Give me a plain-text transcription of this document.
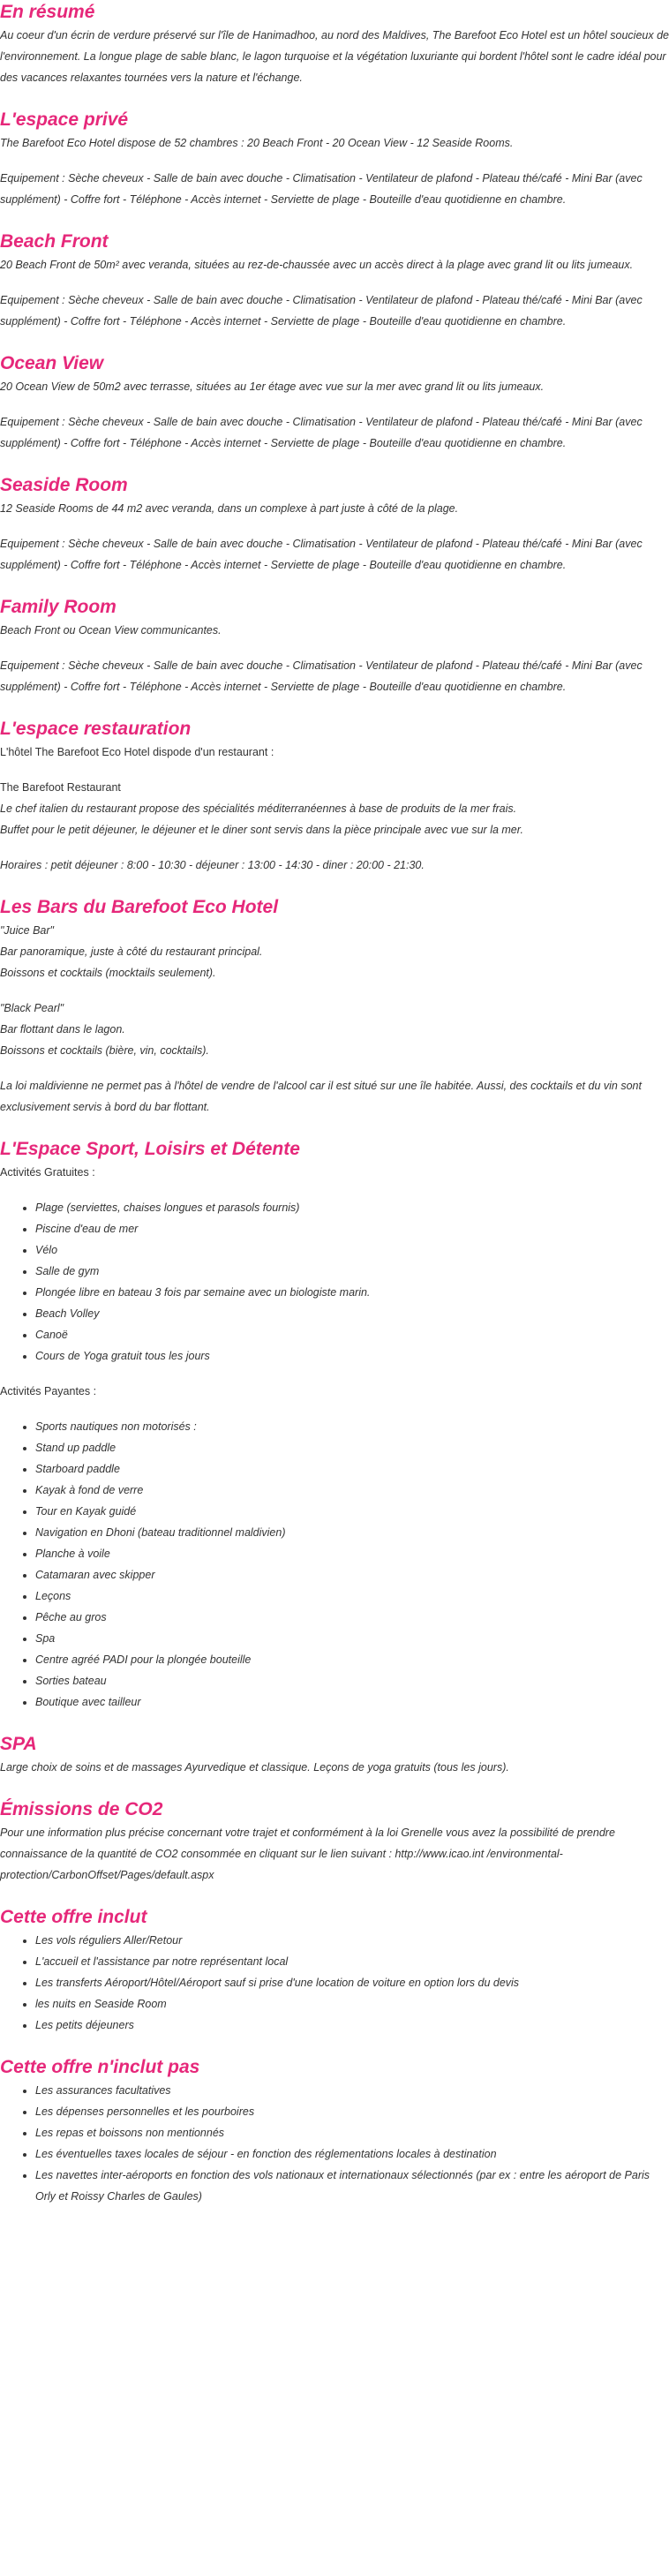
En résumé

Au coeur d'un écrin de verdure préservé sur l'île de Hanimadhoo, au nord des Maldives, The Barefoot Eco Hotel est un hôtel soucieux de l'environnement. La longue plage de sable blanc, le lagon turquoise et la végétation luxuriante qui bordent l'hôtel sont le cadre idéal pour des vacances relaxantes tournées vers la nature et l'échange.

L'espace privé

The Barefoot Eco Hotel dispose de 52 chambres : 20 Beach Front - 20 Ocean View - 12 Seaside Rooms.

Equipement : Sèche cheveux - Salle de bain avec douche - Climatisation - Ventilateur de plafond - Plateau thé/café - Mini Bar (avec supplément) - Coffre fort - Téléphone - Accès internet - Serviette de plage - Bouteille d'eau quotidienne en chambre.

Beach Front

20 Beach Front de 50m² avec veranda, situées au rez-de-chaussée avec un accès direct à la plage avec grand lit ou lits jumeaux.

Equipement : Sèche cheveux - Salle de bain avec douche - Climatisation - Ventilateur de plafond - Plateau thé/café - Mini Bar (avec supplément) - Coffre fort - Téléphone - Accès internet - Serviette de plage - Bouteille d'eau quotidienne en chambre.

Ocean View

20 Ocean View de 50m2 avec terrasse, situées au 1er étage avec vue sur la mer avec grand lit ou lits jumeaux.

Equipement : Sèche cheveux - Salle de bain avec douche - Climatisation - Ventilateur de plafond - Plateau thé/café - Mini Bar (avec supplément) - Coffre fort - Téléphone - Accès internet - Serviette de plage - Bouteille d'eau quotidienne en chambre.

Seaside Room

12 Seaside Rooms de 44 m2 avec veranda, dans un complexe à part juste à côté de la plage.

Equipement : Sèche cheveux - Salle de bain avec douche - Climatisation - Ventilateur de plafond - Plateau thé/café - Mini Bar (avec supplément) - Coffre fort - Téléphone - Accès internet - Serviette de plage - Bouteille d'eau quotidienne en chambre.

Family Room

Beach Front ou Ocean View communicantes.

Equipement : Sèche cheveux - Salle de bain avec douche - Climatisation - Ventilateur de plafond - Plateau thé/café - Mini Bar (avec supplément) - Coffre fort - Téléphone - Accès internet - Serviette de plage - Bouteille d'eau quotidienne en chambre.

L'espace restauration

L'hôtel The Barefoot Eco Hotel dispode d'un restaurant :

The Barefoot Restaurant

Le chef italien du restaurant propose des spécialités méditerranéennes à base de produits de la mer frais.

Buffet pour le petit déjeuner, le déjeuner et le diner sont servis dans la pièce principale avec vue sur la mer.

Horaires : petit déjeuner : 8:00 - 10:30 - déjeuner : 13:00 - 14:30 - diner : 20:00 - 21:30.

Les Bars du Barefoot Eco Hotel

"Juice Bar"

Bar panoramique, juste à côté du restaurant principal.

Boissons et cocktails (mocktails seulement).

"Black Pearl"

Bar flottant dans le lagon.

Boissons et cocktails (bière, vin, cocktails).

La loi maldivienne ne permet pas à l'hôtel de vendre de l'alcool car il est situé sur une île habitée. Aussi, des cocktails et du vin sont exclusivement servis à bord du bar flottant.

L'Espace Sport, Loisirs et Détente

Activités Gratuites :

• Plage (serviettes, chaises longues et parasols fournis)
• Piscine d'eau de mer
• Vélo
• Salle de gym
• Plongée libre en bateau 3 fois par semaine avec un biologiste marin.
• Beach Volley
• Canoë
• Cours de Yoga gratuit tous les jours

Activités Payantes :

• Sports nautiques non motorisés :
• Stand up paddle
• Starboard paddle
• Kayak à fond de verre
• Tour en Kayak guidé
• Navigation en Dhoni (bateau traditionnel maldivien)
• Planche à voile
• Catamaran avec skipper
• Leçons
• Pêche au gros
• Spa
• Centre agréé PADI pour la plongée bouteille
• Sorties bateau
• Boutique avec tailleur
SPA

Large choix de soins et de massages Ayurvedique et classique. Leçons de yoga gratuits (tous les jours).

Émissions de CO2

Pour une information plus précise concernant votre trajet et conformément à la loi Grenelle vous avez la possibilité de prendre connaissance de la quantité de CO2 consommée en cliquant sur le lien suivant : http://www.icao.int /environmental-protection/CarbonOffset/Pages/default.aspx

Cette offre inclut
• Les vols réguliers Aller/Retour
• L'accueil et l'assistance par notre représentant local
• Les transferts Aéroport/Hôtel/Aéroport sauf si prise d'une location de voiture en option lors du devis
• les nuits en Seaside Room
• Les petits déjeuners
Cette offre n'inclut pas
• Les assurances facultatives
• Les dépenses personnelles et les pourboires
• Les repas et boissons non mentionnés
• Les éventuelles taxes locales de séjour - en fonction des réglementations locales à destination
• Les navettes inter-aéroports en fonction des vols nationaux et internationaux sélectionnés (par ex : entre les aéroport de Paris Orly et Roissy Charles de Gaules)
